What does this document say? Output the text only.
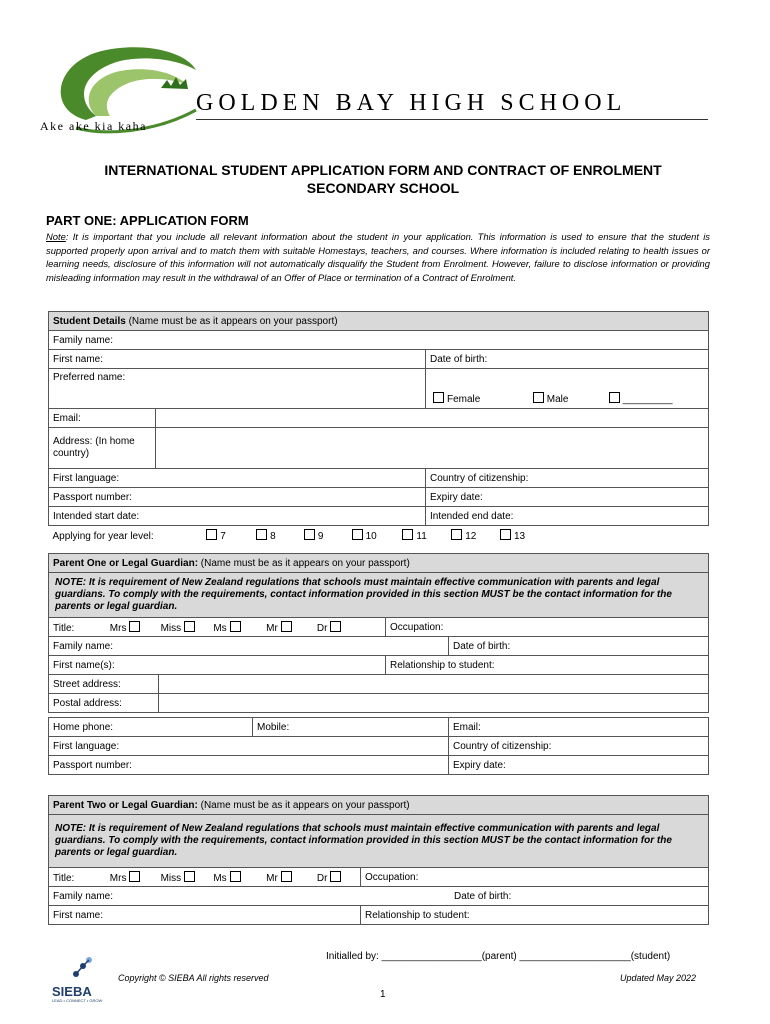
GOLDEN BAY HIGH SCHOOL
Ake ake kia kaha
INTERNATIONAL STUDENT APPLICATION FORM AND CONTRACT OF ENROLMENT
SECONDARY SCHOOL
PART ONE: APPLICATION FORM
Note: It is important that you include all relevant information about the student in your application. This information is used to ensure that the student is supported properly upon arrival and to match them with suitable Homestays, teachers, and courses. Where information is included relating to health issues or learning needs, disclosure of this information will not automatically disqualify the Student from Enrolment. However, failure to disclose information or providing misleading information may result in the withdrawal of an Offer of Place or termination of a Contract of Enrolment.
Student Details (Name must be as it appears on your passport)		
Family name:		
First name:		Date of birth:
Preferred name:		Female Male _________
Email:		
Address: (In home country)		
First language:		Country of citizenship:
Passport number:		Expiry date:
Intended start date:		Intended end date:
Applying for year level: 7 8 9 10 11 12 13		
Parent One or Legal Guardian: (Name must be as it appears on your passport)				
NOTE: It is requirement of New Zealand regulations that schools must maintain effective communication with parents and legal guardians. To comply with the requirements, contact information provided in this section MUST be the contact information for the parents or legal guardian.				
Title: Mrs Miss Ms Mr Dr			Occupation:	
Family name:				Date of birth:
First name(s):			Relationship to student:	
Street address:				
Postal address:				

Home phone:		Mobile:		Email:
First language:				Country of citizenship:
Passport number:				Expiry date:
Parent Two or Legal Guardian: (Name must be as it appears on your passport)	
NOTE: It is requirement of New Zealand regulations that schools must maintain effective communication with parents and legal guardians. To comply with the requirements, contact information provided in this section MUST be the contact information for the parents or legal guardian.	
Title: Mrs Miss Ms Mr Dr	Occupation:
Family name: Date of birth:	

First name:	Relationship to student:
Initialled by: __________________(parent) ____________________(student)
SIEBA
LEAD • CONNECT • GROW
Copyright © SIEBA All rights reserved	Updated May 2022
1
